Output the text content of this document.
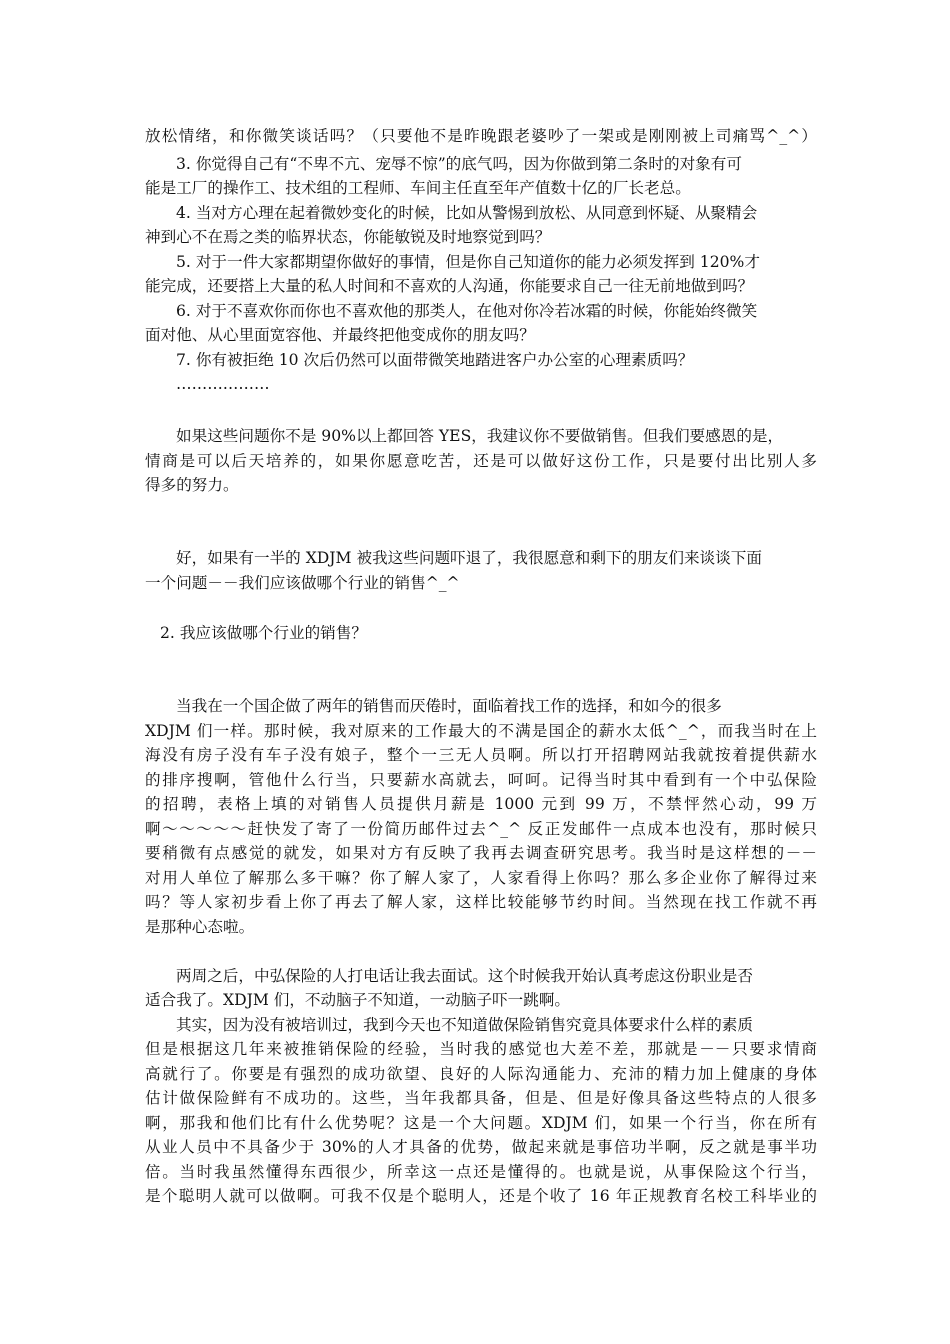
放松情绪，和你微笑谈话吗？（只要他不是昨晚跟老婆吵了一架或是刚刚被上司痛骂^_^）
3. 你觉得自己有“不卑不亢、宠辱不惊”的底气吗，因为你做到第二条时的对象有可
能是工厂的操作工、技术组的工程师、车间主任直至年产值数十亿的厂长老总。
4. 当对方心理在起着微妙变化的时候，比如从警惕到放松、从同意到怀疑、从聚精会
神到心不在焉之类的临界状态，你能敏锐及时地察觉到吗？
5. 对于一件大家都期望你做好的事情，但是你自己知道你的能力必须发挥到 120%才
能完成，还要搭上大量的私人时间和不喜欢的人沟通，你能要求自己一往无前地做到吗？
6. 对于不喜欢你而你也不喜欢他的那类人，在他对你冷若冰霜的时候，你能始终微笑
面对他、从心里面宽容他、并最终把他变成你的朋友吗？
7. 你有被拒绝 10 次后仍然可以面带微笑地踏进客户办公室的心理素质吗？
………………
如果这些问题你不是 90%以上都回答 YES，我建议你不要做销售。但我们要感恩的是，
情商是可以后天培养的，如果你愿意吃苦，还是可以做好这份工作，只是要付出比别人多
得多的努力。
好，如果有一半的 XDJM 被我这些问题吓退了，我很愿意和剩下的朋友们来谈谈下面
一个问题－－我们应该做哪个行业的销售^_^
2. 我应该做哪个行业的销售？
当我在一个国企做了两年的销售而厌倦时，面临着找工作的选择，和如今的很多
XDJM 们一样。那时候，我对原来的工作最大的不满是国企的薪水太低^_^，而我当时在上
海没有房子没有车子没有娘子，整个一三无人员啊。所以打开招聘网站我就按着提供薪水
的排序搜啊，管他什么行当，只要薪水高就去，呵呵。记得当时其中看到有一个中弘保险
的招聘，表格上填的对销售人员提供月薪是 1000 元到 99 万，不禁怦然心动，99 万
啊～～～～～赶快发了寄了一份简历邮件过去^_^ 反正发邮件一点成本也没有，那时候只
要稍微有点感觉的就发，如果对方有反映了我再去调查研究思考。我当时是这样想的－－
对用人单位了解那么多干嘛？你了解人家了，人家看得上你吗？那么多企业你了解得过来
吗？等人家初步看上你了再去了解人家，这样比较能够节约时间。当然现在找工作就不再
是那种心态啦。
两周之后，中弘保险的人打电话让我去面试。这个时候我开始认真考虑这份职业是否
适合我了。XDJM 们，不动脑子不知道，一动脑子吓一跳啊。
其实，因为没有被培训过，我到今天也不知道做保险销售究竟具体要求什么样的素质
但是根据这几年来被推销保险的经验，当时我的感觉也大差不差，那就是－－只要求情商
高就行了。你要是有强烈的成功欲望、良好的人际沟通能力、充沛的精力加上健康的身体
估计做保险鲜有不成功的。这些，当年我都具备，但是、但是好像具备这些特点的人很多
啊，那我和他们比有什么优势呢？这是一个大问题。XDJM 们，如果一个行当，你在所有
从业人员中不具备少于 30%的人才具备的优势，做起来就是事倍功半啊，反之就是事半功
倍。当时我虽然懂得东西很少，所幸这一点还是懂得的。也就是说，从事保险这个行当，
是个聪明人就可以做啊。可我不仅是个聪明人，还是个收了 16 年正规教育名校工科毕业的
